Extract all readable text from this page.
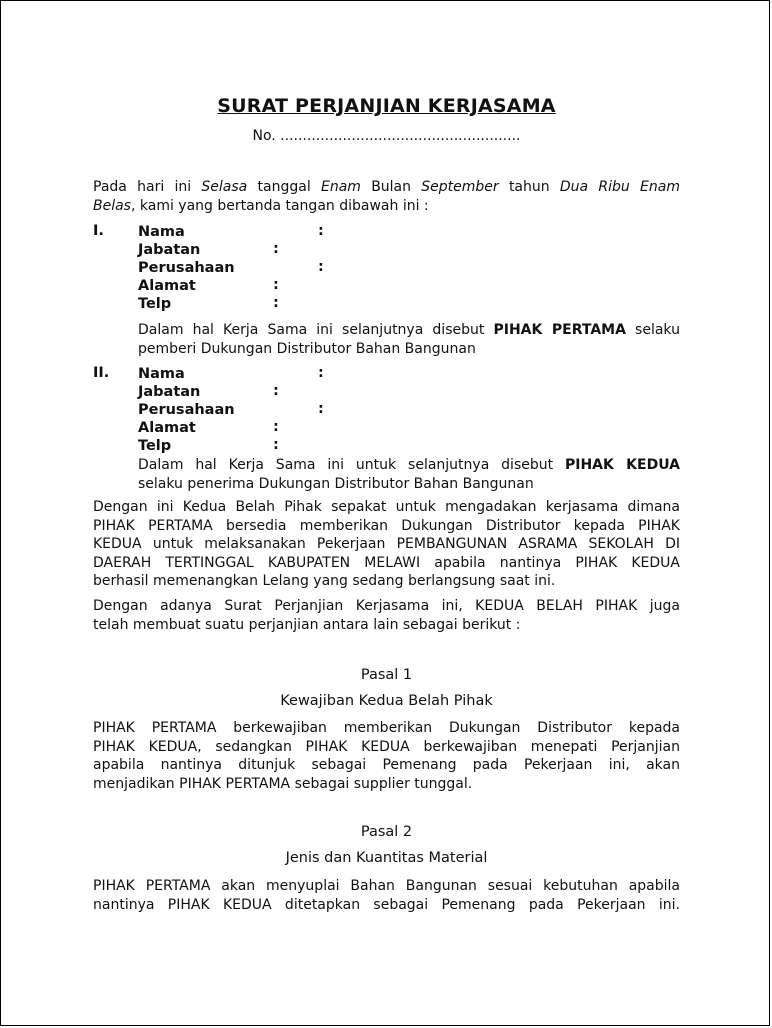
SURAT PERJANJIAN KERJASAMA
No. ......................................................
Pada hari ini Selasa tanggal Enam Bulan September tahun Dua Ribu Enam
Belas, kami yang bertanda tangan dibawah ini :
I. Nama	:
Jabatan	:
Perusahaan	:
Alamat	:
Telp	:
Dalam hal Kerja Sama ini selanjutnya disebut PIHAK PERTAMA selaku
pemberi Dukungan Distributor Bahan Bangunan
II. Nama	:
Jabatan	:
Perusahaan	:
Alamat	:
Telp	:
Dalam hal Kerja Sama ini untuk selanjutnya disebut PIHAK KEDUA
selaku penerima Dukungan Distributor Bahan Bangunan
Dengan ini Kedua Belah Pihak sepakat untuk mengadakan kerjasama dimana
PIHAK PERTAMA bersedia memberikan Dukungan Distributor kepada PIHAK
KEDUA untuk melaksanakan Pekerjaan PEMBANGUNAN ASRAMA SEKOLAH DI
DAERAH TERTINGGAL KABUPATEN MELAWI apabila nantinya PIHAK KEDUA
berhasil memenangkan Lelang yang sedang berlangsung saat ini.
Dengan adanya Surat Perjanjian Kerjasama ini, KEDUA BELAH PIHAK juga
telah membuat suatu perjanjian antara lain sebagai berikut :
Pasal 1
Kewajiban Kedua Belah Pihak
PIHAK PERTAMA berkewajiban memberikan Dukungan Distributor kepada
PIHAK KEDUA, sedangkan PIHAK KEDUA berkewajiban menepati Perjanjian
apabila nantinya ditunjuk sebagai Pemenang pada Pekerjaan ini, akan
menjadikan PIHAK PERTAMA sebagai supplier tunggal.
Pasal 2
Jenis dan Kuantitas Material
PIHAK PERTAMA akan menyuplai Bahan Bangunan sesuai kebutuhan apabila
nantinya PIHAK KEDUA ditetapkan sebagai Pemenang pada Pekerjaan ini.
